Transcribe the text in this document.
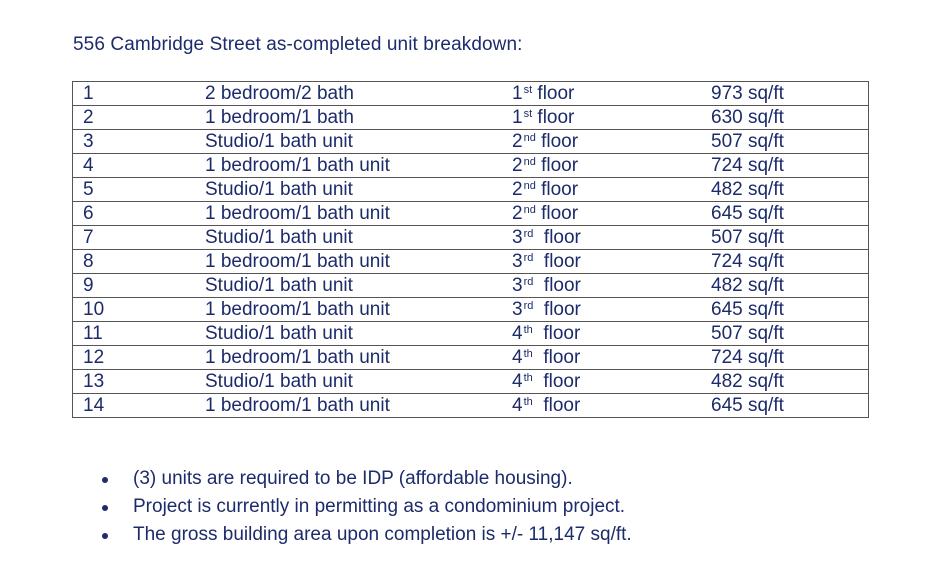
556 Cambridge Street as-completed unit breakdown:
1	2 bedroom/2 bath	1st floor	973 sq/ft
2	1 bedroom/1 bath	1st floor	630 sq/ft
3	Studio/1 bath unit	2nd floor	507 sq/ft
4	1 bedroom/1 bath unit	2nd floor	724 sq/ft
5	Studio/1 bath unit	2nd floor	482 sq/ft
6	1 bedroom/1 bath unit	2nd floor	645 sq/ft
7	Studio/1 bath unit	3rd  floor	507 sq/ft
8	1 bedroom/1 bath unit	3rd  floor	724 sq/ft
9	Studio/1 bath unit	3rd  floor	482 sq/ft
10	1 bedroom/1 bath unit	3rd  floor	645 sq/ft
11	Studio/1 bath unit	4th  floor	507 sq/ft
12	1 bedroom/1 bath unit	4th  floor	724 sq/ft
13	Studio/1 bath unit	4th  floor	482 sq/ft
14	1 bedroom/1 bath unit	4th  floor	645 sq/ft
(3) units are required to be IDP (affordable housing).
Project is currently in permitting as a condominium project.
The gross building area upon completion is +/- 11,147 sq/ft.
